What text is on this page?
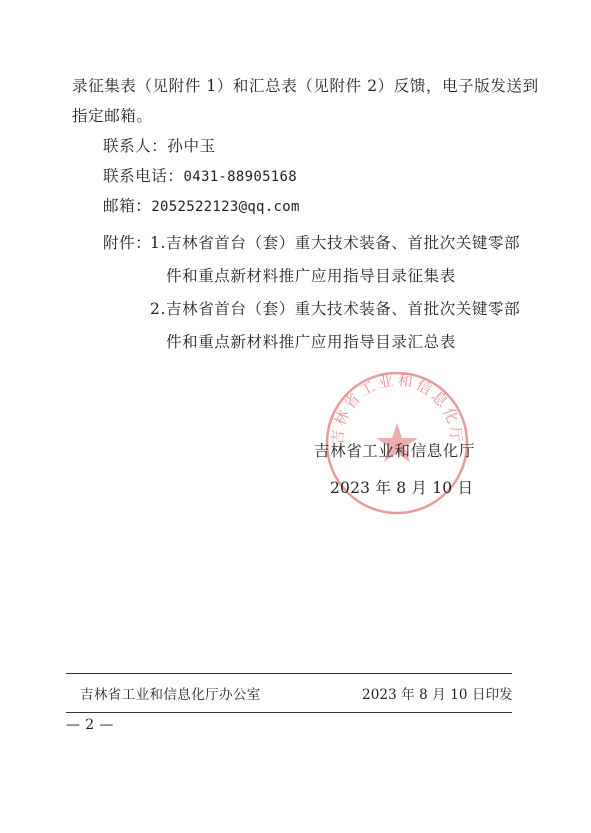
录征集表（见附件 1）和汇总表（见附件 2）反馈，电子版发送到
指定邮箱。
联系人：孙中玉
联系电话：0431-88905168
邮箱：2052522123@qq.com
附件：
1.吉林省首台（套）重大技术装备、首批次关键零部
件和重点新材料推广应用指导目录征集表
2.吉林省首台（套）重大技术装备、首批次关键零部
件和重点新材料推广应用指导目录汇总表
吉林省工业和信息化厅
吉林省工业和信息化厅
2023 年 8 月 10 日
吉林省工业和信息化厅办公室	2023 年 8 月 10 日印发
— 2 —
